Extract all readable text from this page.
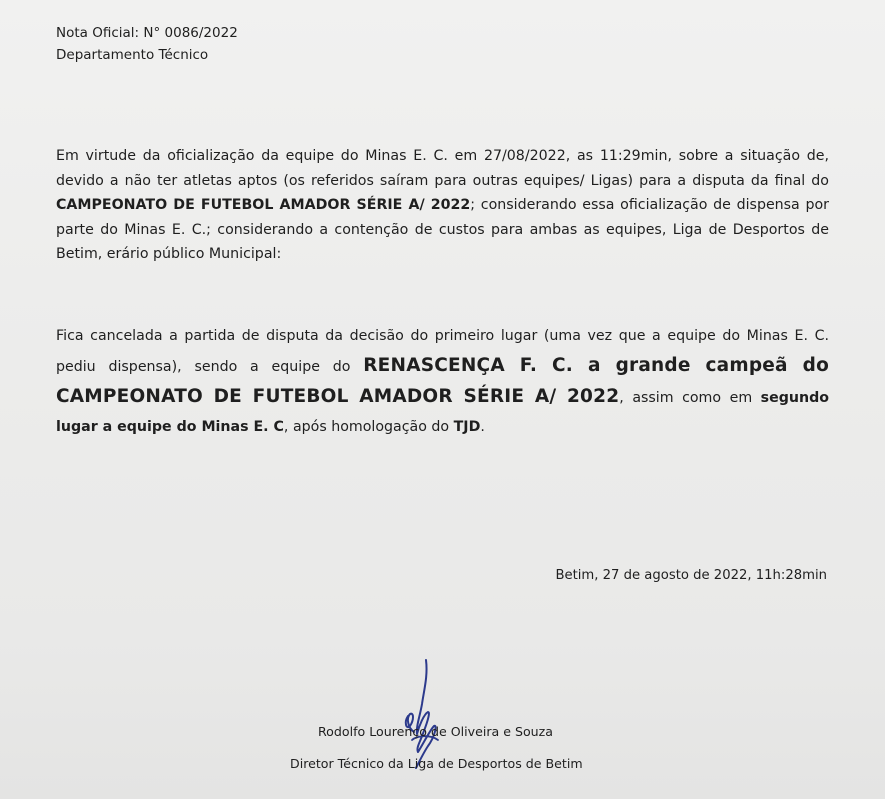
Nota Oficial: N° 0086/2022
Departamento Técnico
Em virtude da oficialização da equipe do Minas E. C. em 27/08/2022, as 11:29min, sobre a situação de, devido a não ter atletas aptos (os referidos saíram para outras equipes/ Ligas) para a disputa da final do CAMPEONATO DE FUTEBOL AMADOR SÉRIE A/ 2022; considerando essa oficialização de dispensa por parte do Minas E. C.; considerando a contenção de custos para ambas as equipes, Liga de Desportos de Betim, erário público Municipal:
Fica cancelada a partida de disputa da decisão do primeiro lugar (uma vez que a equipe do Minas E. C. pediu dispensa), sendo a equipe do RENASCENÇA F. C. a grande campeã do CAMPEONATO DE FUTEBOL AMADOR SÉRIE A/ 2022, assim como em segundo lugar a equipe do Minas E. C, após homologação do TJD.
Betim, 27 de agosto de 2022, 11h:28min
Rodolfo Lourenço de Oliveira e Souza
Diretor Técnico da Liga de Desportos de Betim
